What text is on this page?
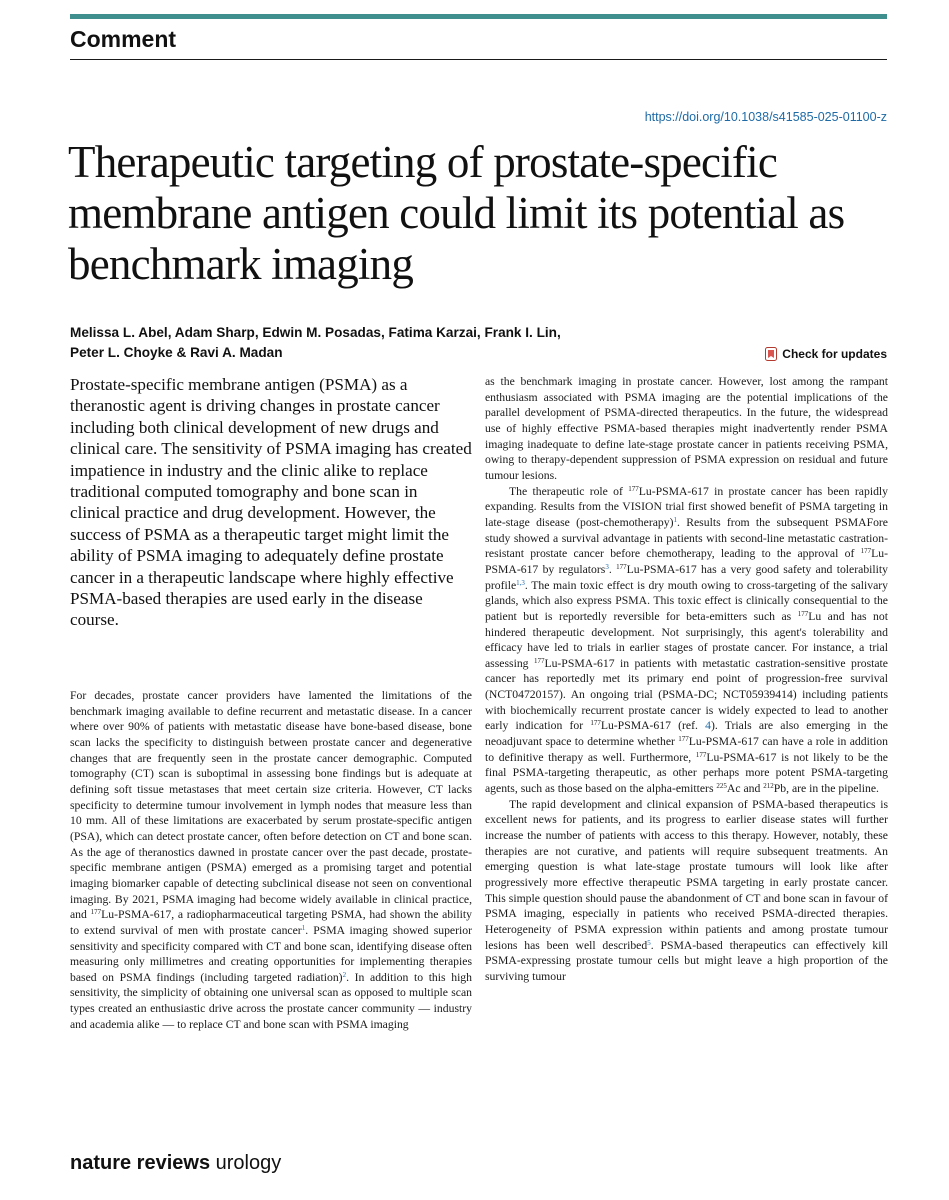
Comment
https://doi.org/10.1038/s41585-025-01100-z
Therapeutic targeting of prostate-specific membrane antigen could limit its potential as benchmark imaging
Melissa L. Abel, Adam Sharp, Edwin M. Posadas, Fatima Karzai, Frank I. Lin,
Peter L. Choyke & Ravi A. Madan	Check for updates
Prostate-specific membrane antigen (PSMA) as a theranostic agent is driving changes in prostate cancer including both clinical development of new drugs and clinical care. The sensitivity of PSMA imaging has created impatience in industry and the clinic alike to replace traditional computed tomography and bone scan in clinical practice and drug development. However, the success of PSMA as a therapeutic target might limit the ability of PSMA imaging to adequately define prostate cancer in a therapeutic landscape where highly effective PSMA-based therapies are used early in the disease course.

For decades, prostate cancer providers have lamented the limitations of the benchmark imaging available to define recurrent and metastatic disease. In a cancer where over 90% of patients with metastatic disease have bone-based disease, bone scan lacks the specificity to distinguish between prostate cancer and degenerative changes that are frequently seen in the prostate cancer demographic. Computed tomography (CT) scan is suboptimal in assessing bone findings but is adequate at defining soft tissue metastases that meet certain size criteria. However, CT lacks specificity to determine tumour involvement in lymph nodes that measure less than 10 mm. All of these limitations are exacerbated by serum prostate-specific antigen (PSA), which can detect prostate cancer, often before detection on CT and bone scan. As the age of theranostics dawned in prostate cancer over the past decade, prostate-specific membrane antigen (PSMA) emerged as a promising target and potential imaging biomarker capable of detecting subclinical disease not seen on conventional imaging. By 2021, PSMA imaging had become widely available in clinical practice, and $^{177}$Lu-PSMA-617, a radiopharmaceutical targeting PSMA, had shown the ability to extend survival of men with prostate cancer$^1$. PSMA imaging showed superior sensitivity and specificity compared with CT and bone scan, identifying disease often measuring only millimetres and creating opportunities for implementing therapies based on PSMA findings (including targeted radiation)$^2$. In addition to this high sensitivity, the simplicity of obtaining one universal scan as opposed to multiple scan types created an enthusiastic drive across the prostate cancer community — industry and academia alike — to replace CT and bone scan with PSMA imaging

as the benchmark imaging in prostate cancer. However, lost among the rampant enthusiasm associated with PSMA imaging are the potential implications of the parallel development of PSMA-directed therapeutics. In the future, the widespread use of highly effective PSMA-based therapies might inadvertently render PSMA imaging inadequate to define late-stage prostate cancer in patients receiving PSMA, owing to therapy-dependent suppression of PSMA expression on residual and future tumour lesions.

The therapeutic role of $^{177}$Lu-PSMA-617 in prostate cancer has been rapidly expanding. Results from the VISION trial first showed benefit of PSMA targeting in late-stage disease (post-chemotherapy)$^1$. Results from the subsequent PSMAFore study showed a survival advantage in patients with second-line metastatic castration-resistant prostate cancer before chemotherapy, leading to the approval of $^{177}$Lu-PSMA-617 by regulators$^3$. $^{177}$Lu-PSMA-617 has a very good safety and tolerability profile$^{1,3}$. The main toxic effect is dry mouth owing to cross-targeting of the salivary glands, which also express PSMA. This toxic effect is clinically consequential to the patient but is reportedly reversible for beta-emitters such as $^{177}$Lu and has not hindered therapeutic development. Not surprisingly, this agent's tolerability and efficacy have led to trials in earlier stages of prostate cancer. For instance, a trial assessing $^{177}$Lu-PSMA-617 in patients with metastatic castration-sensitive prostate cancer has reportedly met its primary end point of progression-free survival (NCT04720157). An ongoing trial (PSMA-DC; NCT05939414) including patients with biochemically recurrent prostate cancer is widely expected to lead to another early indication for $^{177}$Lu-PSMA-617 (ref. 4). Trials are also emerging in the neoadjuvant space to determine whether $^{177}$Lu-PSMA-617 can have a role in addition to definitive therapy as well. Furthermore, $^{177}$Lu-PSMA-617 is not likely to be the final PSMA-targeting therapeutic, as other perhaps more potent PSMA-targeting agents, such as those based on the alpha-emitters $^{225}$Ac and $^{212}$Pb, are in the pipeline.

The rapid development and clinical expansion of PSMA-based therapeutics is excellent news for patients, and its progress to earlier disease states will further increase the number of patients with access to this therapy. However, notably, these therapies are not curative, and patients will require subsequent treatments. An emerging question is what late-stage prostate tumours will look like after progressively more effective therapeutic PSMA targeting in early prostate cancer. This simple question should pause the abandonment of CT and bone scan in favour of PSMA imaging, especially in patients who received PSMA-directed therapies. Heterogeneity of PSMA expression within patients and among prostate tumour lesions has been well described$^5$. PSMA-based therapeutics can effectively kill PSMA-expressing prostate tumour cells but might leave a high proportion of the surviving tumour

nature reviews urology
